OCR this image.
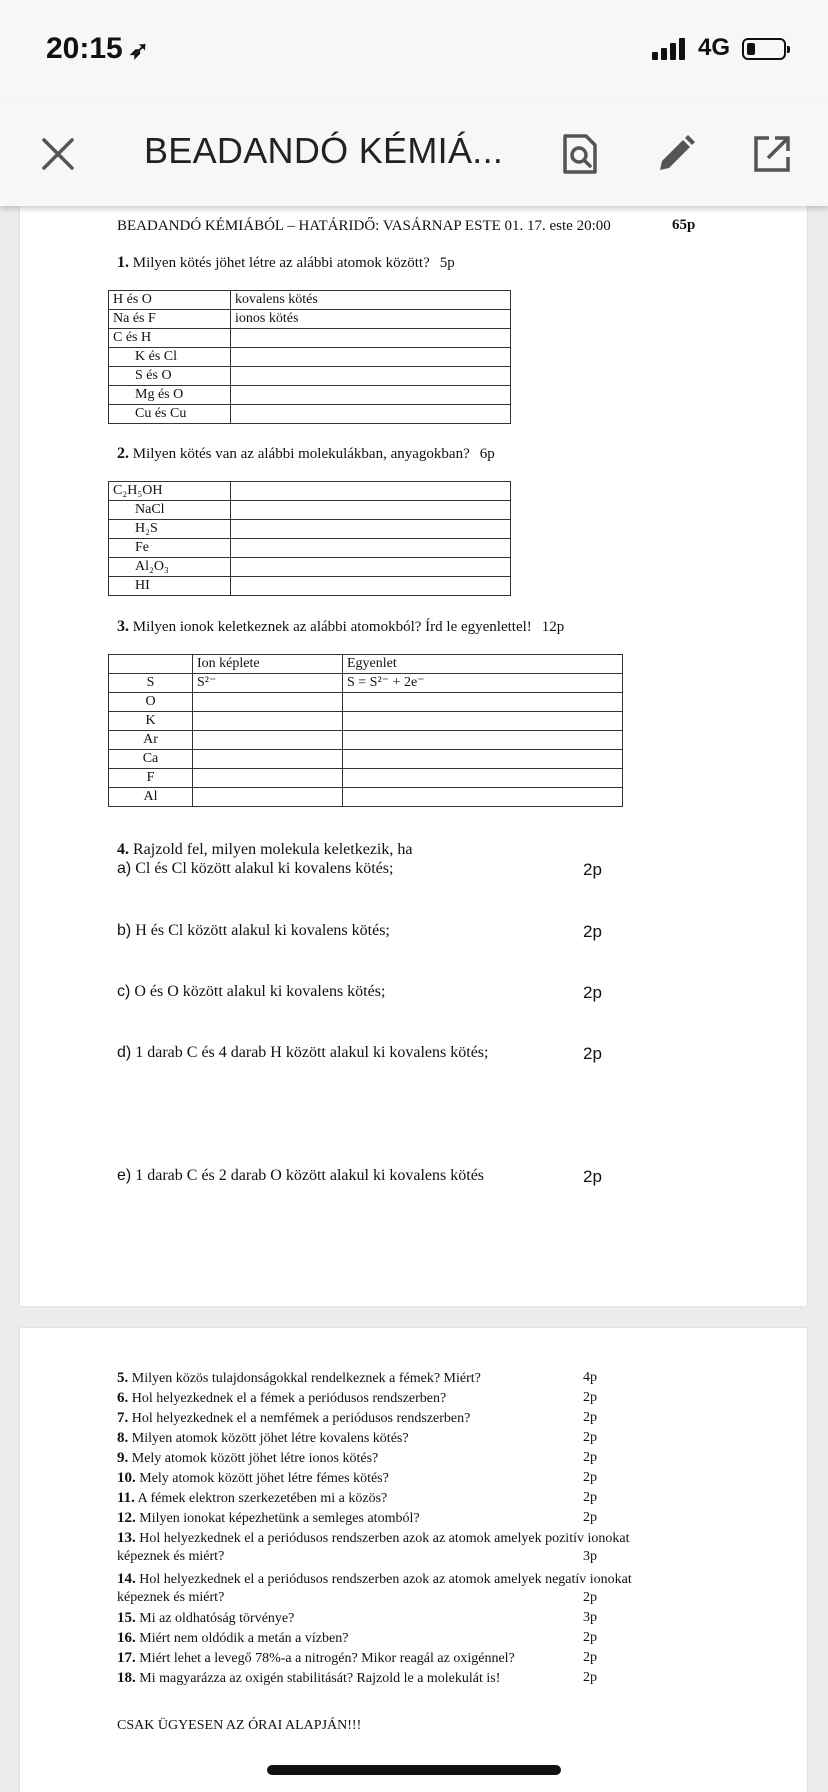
20:15 ➶	4G
BEADANDÓ KÉMIÁ...
BEADANDÓ KÉMIÁBÓL – HATÁRIDŐ: VASÁRNAP ESTE 01. 17. este 20:00	65p
1. Milyen kötés jöhet létre az alábbi atomok között? 5p
H és O	kovalens kötés
Na és F	ionos kötés
C és H	
K és Cl	
S és O	
Mg és O	
Cu és Cu	
2. Milyen kötés van az alábbi molekulákban, anyagokban? 6p
C₂H₅OH	
NaCl	
H₂S	
Fe	
Al₂O₃	
HI	
3. Milyen ionok keletkeznek az alábbi atomokból? Írd le egyenlettel! 12p
	Ion képlete	Egyenlet
S	S²⁻	S = S²⁻ + 2e⁻
O		
K		
Ar		
Ca		
F		
Al		
4. Rajzold fel, milyen molekula keletkezik, ha
a) Cl és Cl között alakul ki kovalens kötés;	2p
b) H és Cl között alakul ki kovalens kötés;	2p
c) O és O között alakul ki kovalens kötés;	2p
d) 1 darab C és 4 darab H között alakul ki kovalens kötés;	2p
e) 1 darab C és 2 darab O között alakul ki kovalens kötés	2p
5. Milyen közös tulajdonságokkal rendelkeznek a fémek? Miért?	4p
6. Hol helyezkednek el a fémek a periódusos rendszerben?	2p
7. Hol helyezkednek el a nemfémek a periódusos rendszerben?	2p
8. Milyen atomok között jöhet létre kovalens kötés?	2p
9. Mely atomok között jöhet létre ionos kötés?	2p
10. Mely atomok között jöhet létre fémes kötés?	2p
11. A fémek elektron szerkezetében mi a közös?	2p
12. Milyen ionokat képezhetünk a semleges atomból?	2p
13. Hol helyezkednek el a periódusos rendszerben azok az atomok amelyek pozitív ionokat
képeznek és miért?	3p
14. Hol helyezkednek el a periódusos rendszerben azok az atomok amelyek negatív ionokat
képeznek és miért?	2p
15. Mi az oldhatóság törvénye?	3p
16. Miért nem oldódik a metán a vízben?	2p
17. Miért lehet a levegő 78%-a a nitrogén? Mikor reagál az oxigénnel?	2p
18. Mi magyarázza az oxigén stabilitását? Rajzold le a molekulát is!	2p
CSAK ÜGYESEN AZ ÓRAI ALAPJÁN!!!
